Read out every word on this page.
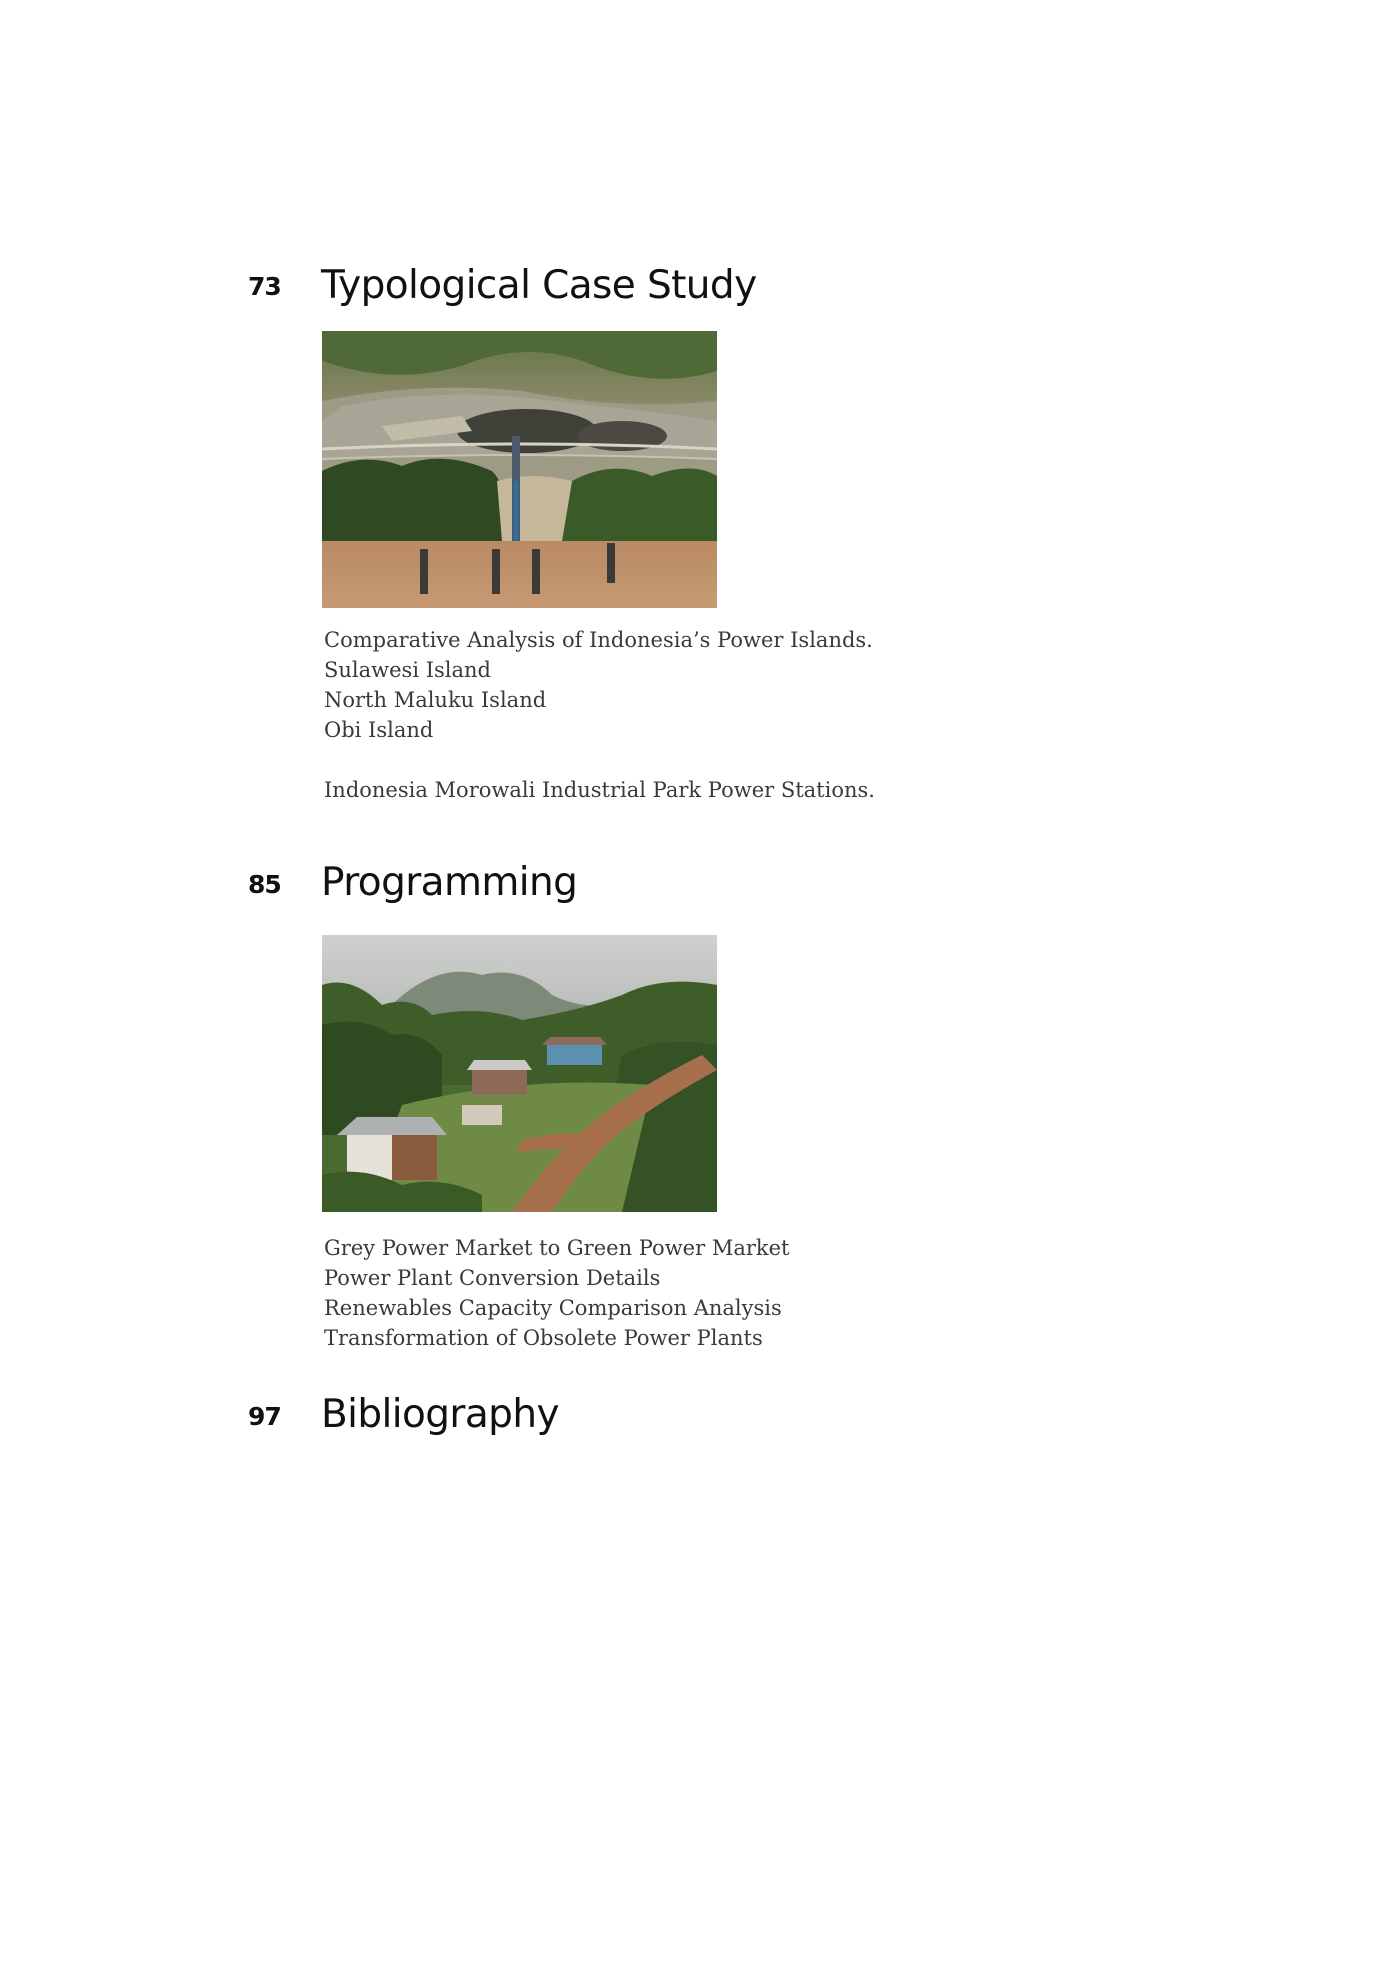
73	Typological Case Study
Comparative Analysis of Indonesia’s Power Islands.
Sulawesi Island
North Maluku Island
Obi Island
Indonesia Morowali Industrial Park Power Stations.
85	Programming
Grey Power Market to Green Power Market
Power Plant Conversion Details
Renewables Capacity Comparison Analysis
Transformation of Obsolete Power Plants
97	Bibliography
